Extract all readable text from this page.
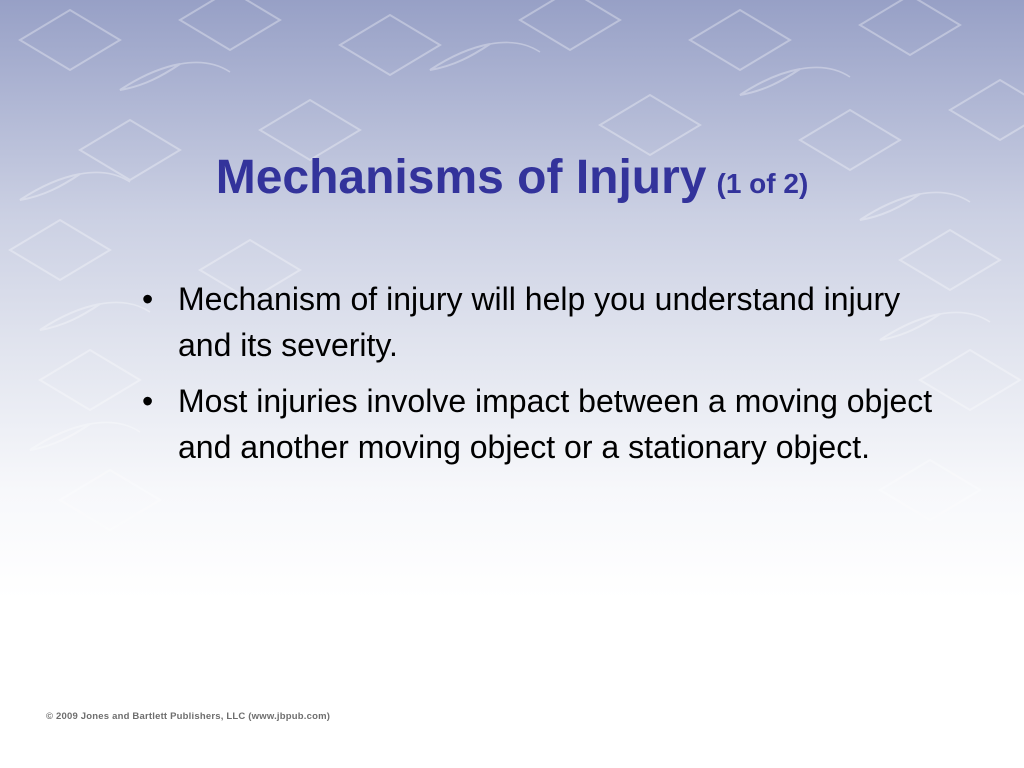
Mechanisms of Injury (1 of 2)
• Mechanism of injury will help you understand injury and its severity.
• Most injuries involve impact between a moving object and another moving object or a stationary object.
© 2009 Jones and Bartlett Publishers, LLC (www.jbpub.com)
